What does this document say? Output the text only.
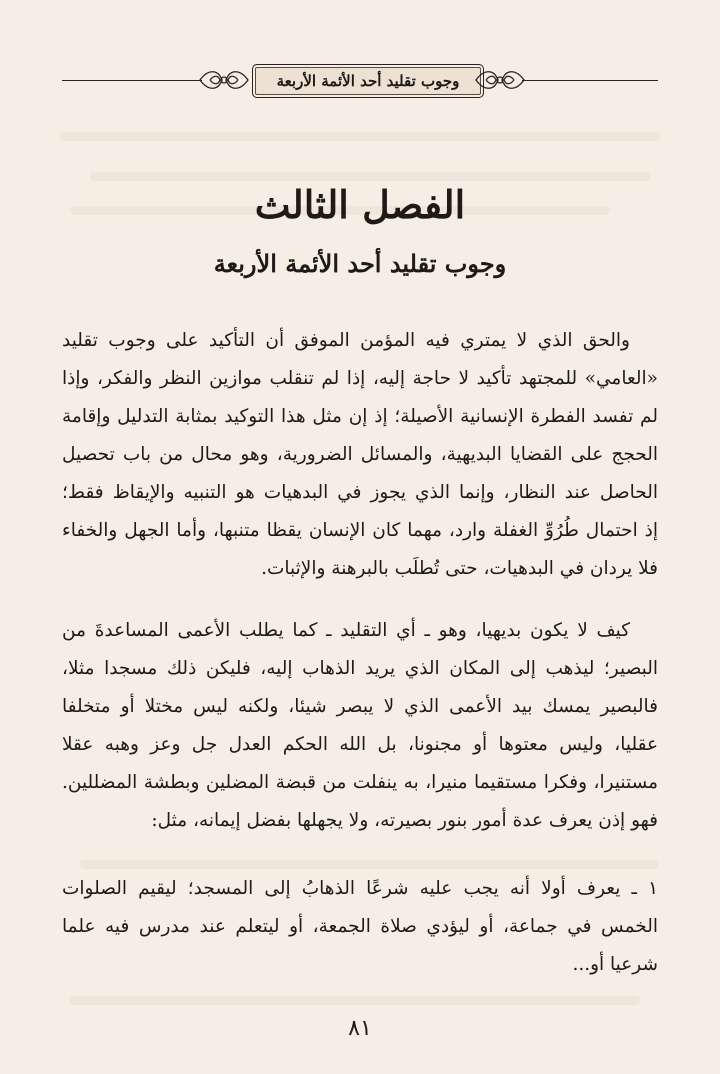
وجوب تقليد أحد الأئمة الأربعة
الفصل الثالث
وجوب تقليد أحد الأئمة الأربعة
والحق الذي لا يمتري فيه المؤمن الموفق أن التأكيد على وجوب تقليد
«العامي» للمجتهد تأكيد لا حاجة إليه، إذا لم تنقلب موازين النظر والفكر، وإذا
لم تفسد الفطرة الإنسانية الأصيلة؛ إذ إن مثل هذا التوكيد بمثابة التدليل وإقامة
الحجج على القضايا البديهية، والمسائل الضرورية، وهو محال من باب تحصيل
الحاصل عند النظار، وإنما الذي يجوز في البدهيات هو التنبيه والإيقاظ فقط؛
إذ احتمال طُرُوِّ الغفلة وارد، مهما كان الإنسان يقظا متنبها، وأما الجهل والخفاء
فلا يردان في البدهيات، حتى تُطلَب بالبرهنة والإثبات.
كيف لا يكون بديهيا، وهو ـ أي التقليد ـ كما يطلب الأعمى المساعدةَ من
البصير؛ ليذهب إلى المكان الذي يريد الذهاب إليه، فليكن ذلك مسجدا مثلا،
فالبصير يمسك بيد الأعمى الذي لا يبصر شيئا، ولكنه ليس مختلا أو متخلفا
عقليا، وليس معتوها أو مجنونا، بل الله الحكم العدل جل وعز وهبه عقلا
مستنيرا، وفكرا مستقيما منيرا، به ينفلت من قبضة المضلين وبطشة المضللين.
فهو إذن يعرف عدة أمور بنور بصيرته، ولا يجهلها بفضل إيمانه، مثل:
١ ـ يعرف أولا أنه يجب عليه شرعًا الذهابُ إلى المسجد؛ ليقيم الصلوات
الخمس في جماعة، أو ليؤدي صلاة الجمعة، أو ليتعلم عند مدرس فيه علما
شرعيا أو...
٨١
